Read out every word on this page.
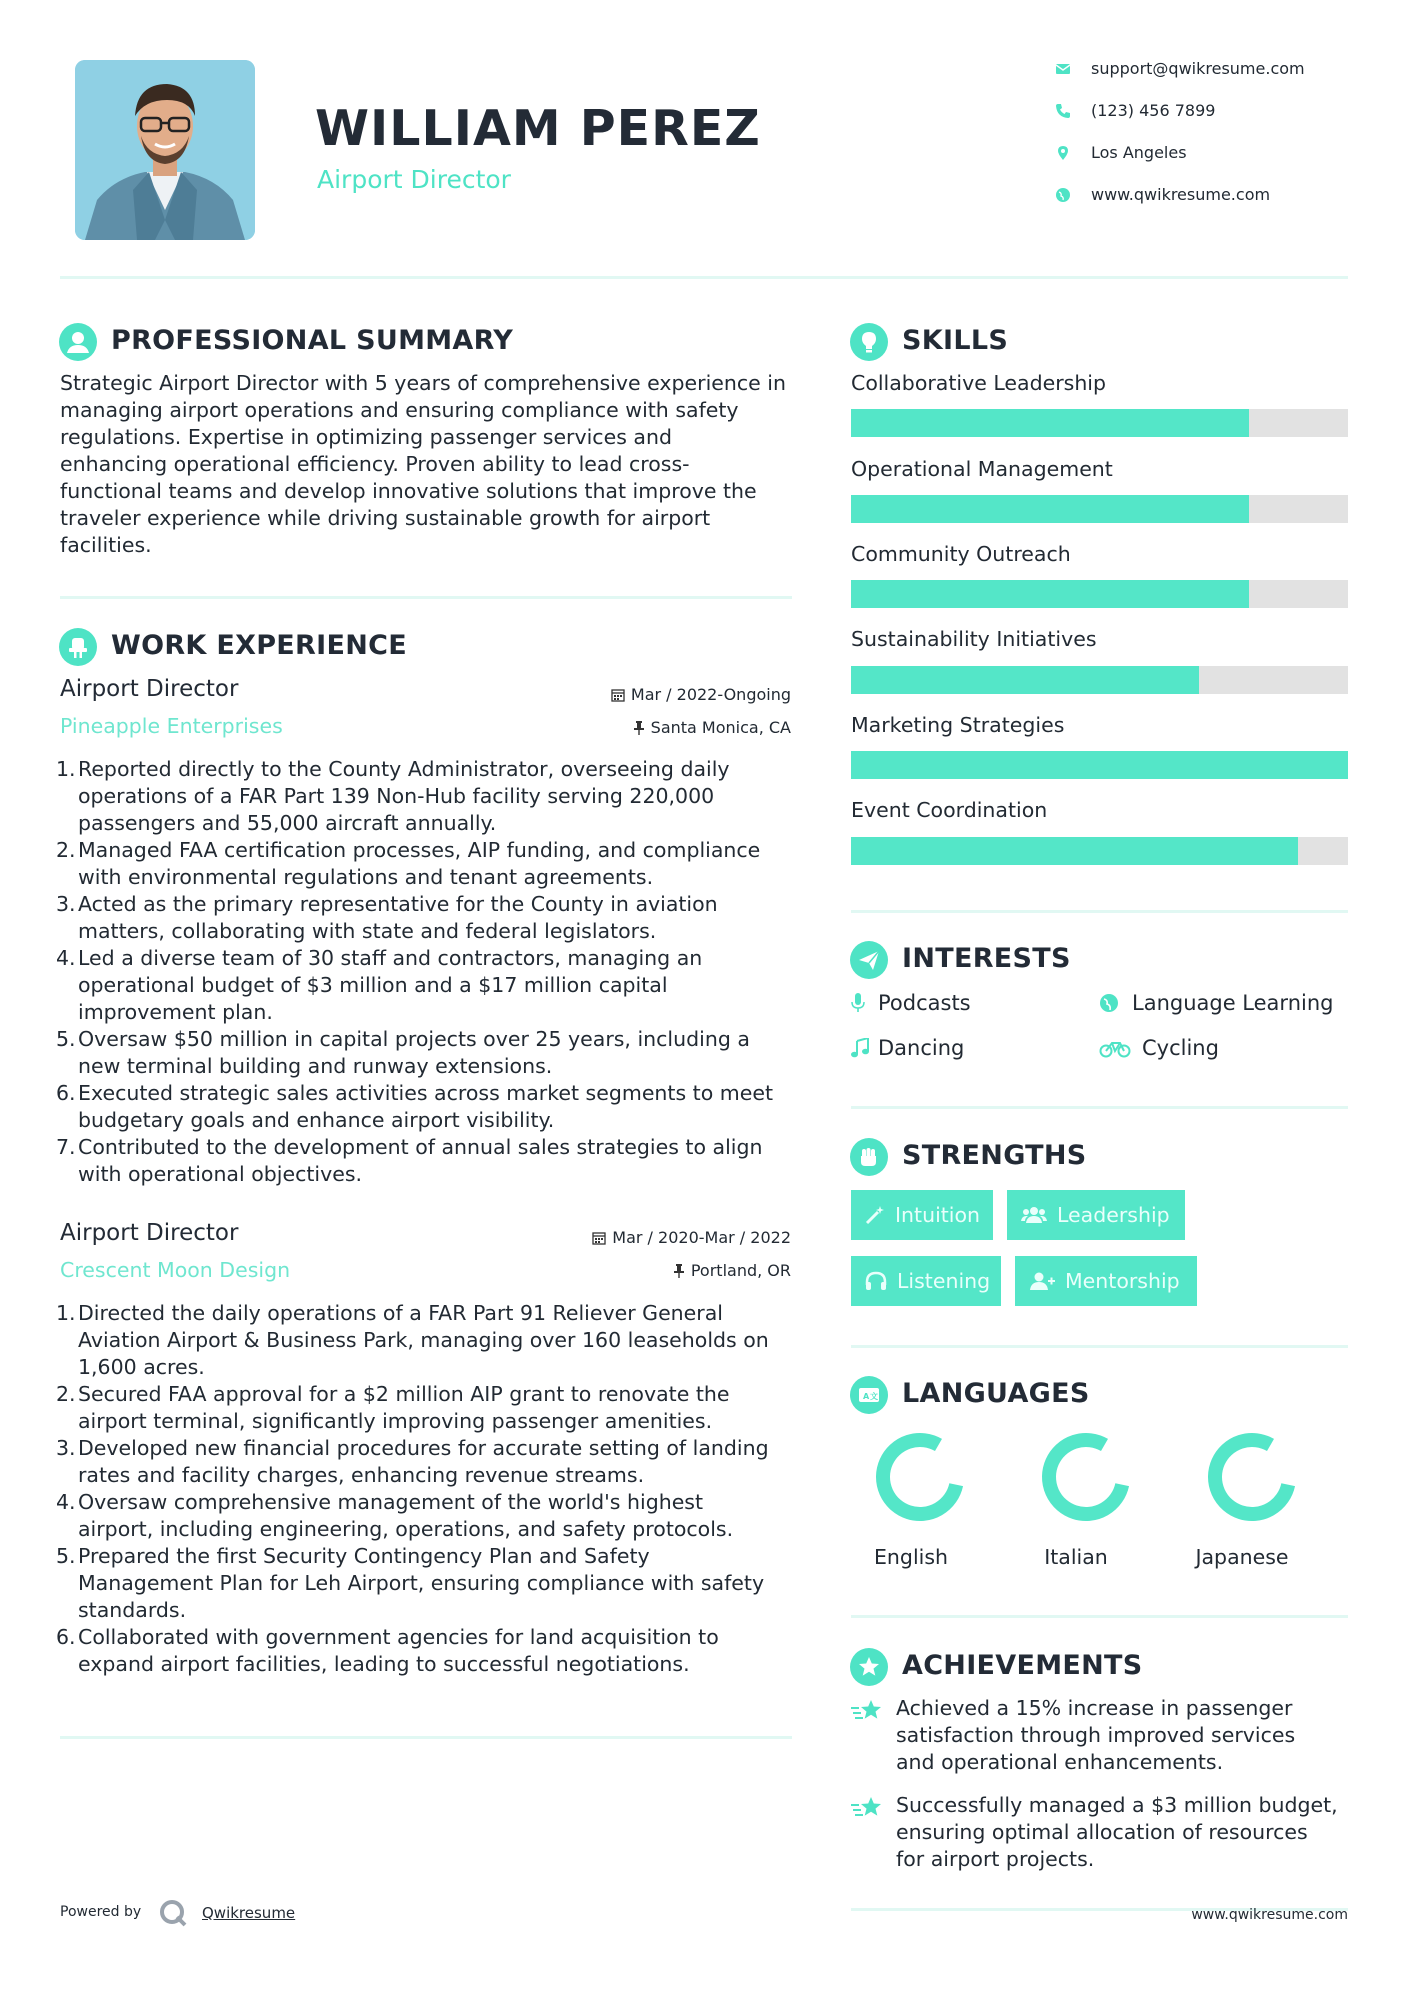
WILLIAM PEREZ
Airport Director
support@qwikresume.com
(123) 456 7899
Los Angeles
www.qwikresume.com
PROFESSIONAL SUMMARY
Strategic Airport Director with 5 years of comprehensive experience in
managing airport operations and ensuring compliance with safety
regulations. Expertise in optimizing passenger services and
enhancing operational efficiency. Proven ability to lead cross-
functional teams and develop innovative solutions that improve the
traveler experience while driving sustainable growth for airport
facilities.
WORK EXPERIENCE
Airport Director
Pineapple Enterprises
Mar / 2022-Ongoing
Santa Monica, CA
1. Reported directly to the County Administrator, overseeing daily
operations of a FAR Part 139 Non-Hub facility serving 220,000
passengers and 55,000 aircraft annually.
2. Managed FAA certification processes, AIP funding, and compliance
with environmental regulations and tenant agreements.
3. Acted as the primary representative for the County in aviation
matters, collaborating with state and federal legislators.
4. Led a diverse team of 30 staff and contractors, managing an
operational budget of $3 million and a $17 million capital
improvement plan.
5. Oversaw $50 million in capital projects over 25 years, including a
new terminal building and runway extensions.
6. Executed strategic sales activities across market segments to meet
budgetary goals and enhance airport visibility.
7. Contributed to the development of annual sales strategies to align
with operational objectives.
Airport Director
Crescent Moon Design
Mar / 2020-Mar / 2022
Portland, OR
1. Directed the daily operations of a FAR Part 91 Reliever General
Aviation Airport & Business Park, managing over 160 leaseholds on
1,600 acres.
2. Secured FAA approval for a $2 million AIP grant to renovate the
airport terminal, significantly improving passenger amenities.
3. Developed new financial procedures for accurate setting of landing
rates and facility charges, enhancing revenue streams.
4. Oversaw comprehensive management of the world's highest
airport, including engineering, operations, and safety protocols.
5. Prepared the first Security Contingency Plan and Safety
Management Plan for Leh Airport, ensuring compliance with safety
standards.
6. Collaborated with government agencies for land acquisition to
expand airport facilities, leading to successful negotiations.
Powered by	Qwikresume
SKILLS
Collaborative Leadership
Operational Management
Community Outreach
Sustainability Initiatives
Marketing Strategies
Event Coordination
INTERESTS
Podcasts	Language Learning
Dancing	Cycling
STRENGTHS
Intuition	Leadership
Listening	Mentorship
A 文 LANGUAGES
English	Italian	Japanese
ACHIEVEMENTS
Achieved a 15% increase in passenger
satisfaction through improved services
and operational enhancements.
Successfully managed a $3 million budget,
ensuring optimal allocation of resources
for airport projects.
www.qwikresume.com
